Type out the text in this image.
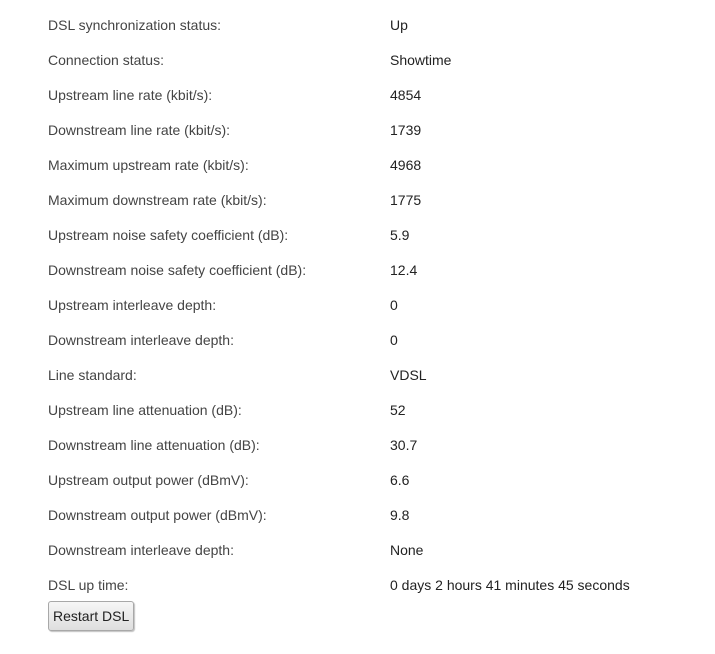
DSL synchronization status:	Up
Connection status:	Showtime
Upstream line rate (kbit/s):	4854
Downstream line rate (kbit/s):	1739
Maximum upstream rate (kbit/s):	4968
Maximum downstream rate (kbit/s):	1775
Upstream noise safety coefficient (dB):	5.9
Downstream noise safety coefficient (dB):	12.4
Upstream interleave depth:	0
Downstream interleave depth:	0
Line standard:	VDSL
Upstream line attenuation (dB):	52
Downstream line attenuation (dB):	30.7
Upstream output power (dBmV):	6.6
Downstream output power (dBmV):	9.8
Downstream interleave depth:	None
DSL up time:	0 days 2 hours 41 minutes 45 seconds
Restart DSL
